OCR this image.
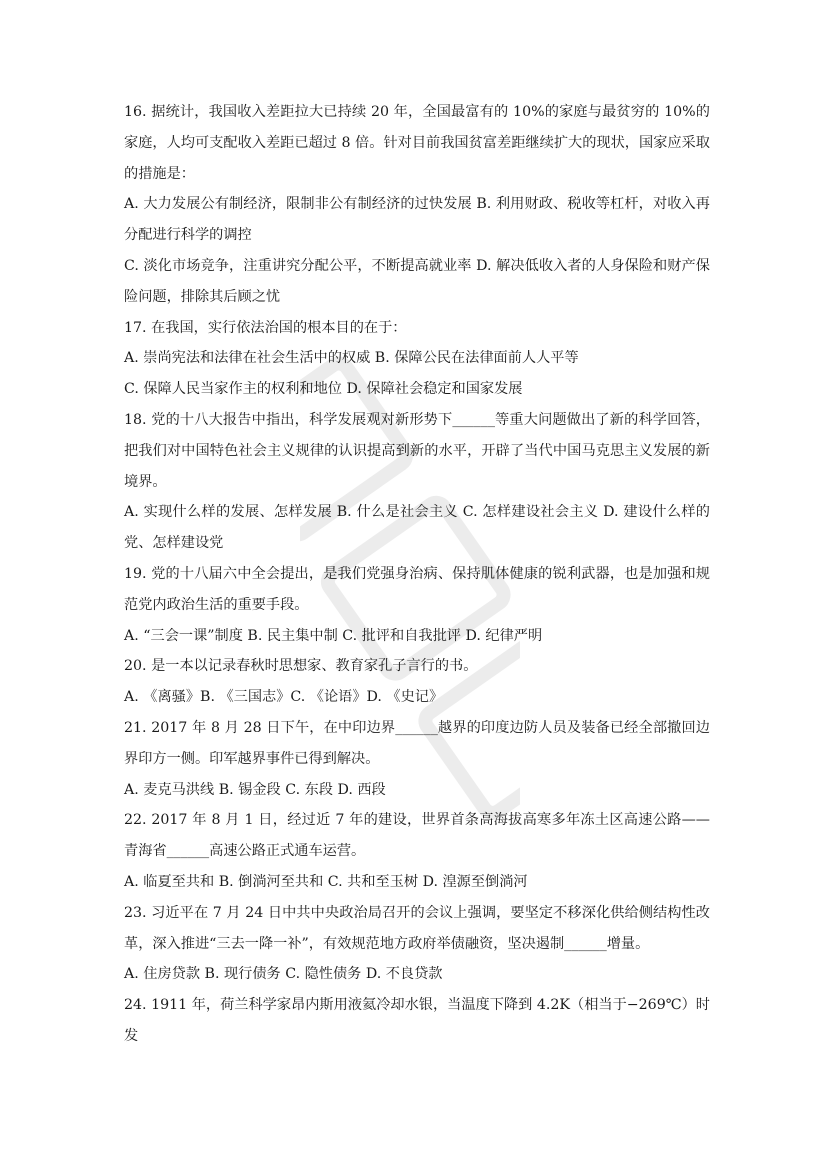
16. 据统计，我国收入差距拉大已持续 20 年，全国最富有的 10%的家庭与最贫穷的 10%的家庭，人均可支配收入差距已超过 8 倍。针对目前我国贫富差距继续扩大的现状，国家应采取的措施是：

A. 大力发展公有制经济，限制非公有制经济的过快发展 B. 利用财政、税收等杠杆，对收入再分配进行科学的调控

C. 淡化市场竞争，注重讲究分配公平，不断提高就业率 D. 解决低收入者的人身保险和财产保险问题，排除其后顾之忧

17. 在我国，实行依法治国的根本目的在于：

A. 崇尚宪法和法律在社会生活中的权威 B. 保障公民在法律面前人人平等

C. 保障人民当家作主的权利和地位 D. 保障社会稳定和国家发展

18. 党的十八大报告中指出，科学发展观对新形势下______等重大问题做出了新的科学回答，把我们对中国特色社会主义规律的认识提高到新的水平，开辟了当代中国马克思主义发展的新境界。

A. 实现什么样的发展、怎样发展 B. 什么是社会主义 C. 怎样建设社会主义 D. 建设什么样的党、怎样建设党

19. 党的十八届六中全会提出，是我们党强身治病、保持肌体健康的锐利武器，也是加强和规范党内政治生活的重要手段。

A. “三会一课”制度 B. 民主集中制 C. 批评和自我批评 D. 纪律严明

20. 是一本以记录春秋时思想家、教育家孔子言行的书。

A. 《离骚》B. 《三国志》C. 《论语》D. 《史记》

21. 2017 年 8 月 28 日下午，在中印边界______越界的印度边防人员及装备已经全部撤回边界印方一侧。印军越界事件已得到解决。

A. 麦克马洪线 B. 锡金段 C. 东段 D. 西段

22. 2017 年 8 月 1 日，经过近 7 年的建设，世界首条高海拔高寒多年冻土区高速公路——青海省______高速公路正式通车运营。

A. 临夏至共和 B. 倒淌河至共和 C. 共和至玉树 D. 湟源至倒淌河

23. 习近平在 7 月 24 日中共中央政治局召开的会议上强调，要坚定不移深化供给侧结构性改革，深入推进“三去一降一补”，有效规范地方政府举债融资，坚决遏制______增量。

A. 住房贷款 B. 现行债务 C. 隐性债务 D. 不良贷款

24. 1911 年，荷兰科学家昂内斯用液氦冷却水银，当温度下降到 4.2K（相当于−269℃）时发
